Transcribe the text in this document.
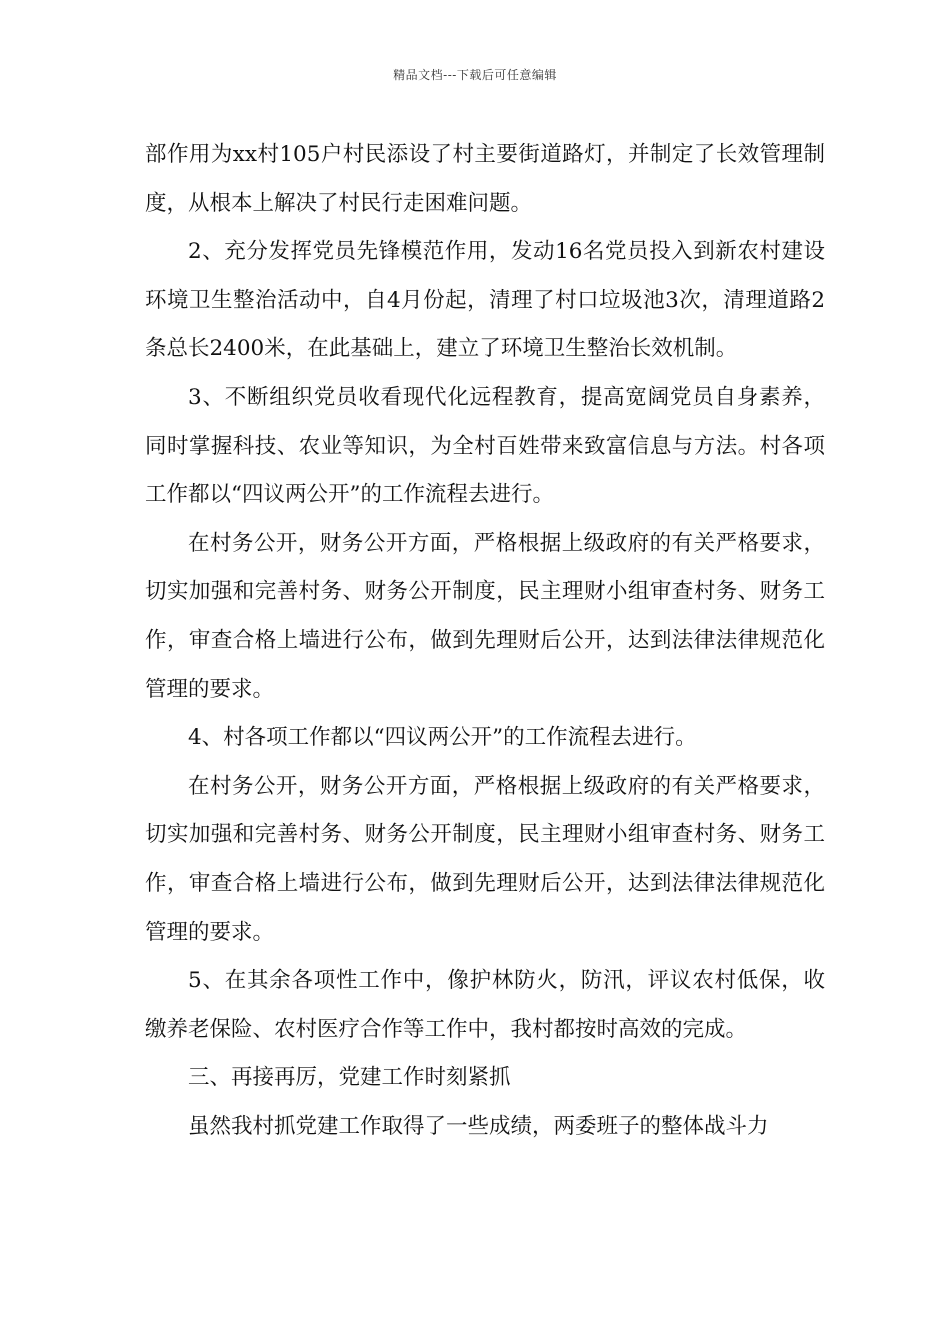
精品文档---下载后可任意编辑

部作用为xx村105户村民添设了村主要街道路灯，并制定了长效管理制度，从根本上解决了村民行走困难问题。

2、充分发挥党员先锋模范作用，发动16名党员投入到新农村建设环境卫生整治活动中，自4月份起，清理了村口垃圾池3次，清理道路2条总长2400米，在此基础上，建立了环境卫生整治长效机制。

3、不断组织党员收看现代化远程教育，提高宽阔党员自身素养，同时掌握科技、农业等知识，为全村百姓带来致富信息与方法。村各项工作都以“四议两公开”的工作流程去进行。

在村务公开，财务公开方面，严格根据上级政府的有关严格要求，切实加强和完善村务、财务公开制度，民主理财小组审查村务、财务工作，审查合格上墙进行公布，做到先理财后公开，达到法律法律规范化管理的要求。

4、村各项工作都以“四议两公开”的工作流程去进行。

在村务公开，财务公开方面，严格根据上级政府的有关严格要求，切实加强和完善村务、财务公开制度，民主理财小组审查村务、财务工作，审查合格上墙进行公布，做到先理财后公开，达到法律法律规范化管理的要求。

5、在其余各项性工作中，像护林防火，防汛，评议农村低保，收缴养老保险、农村医疗合作等工作中，我村都按时高效的完成。

三、再接再厉，党建工作时刻紧抓

虽然我村抓党建工作取得了一些成绩，两委班子的整体战斗力
